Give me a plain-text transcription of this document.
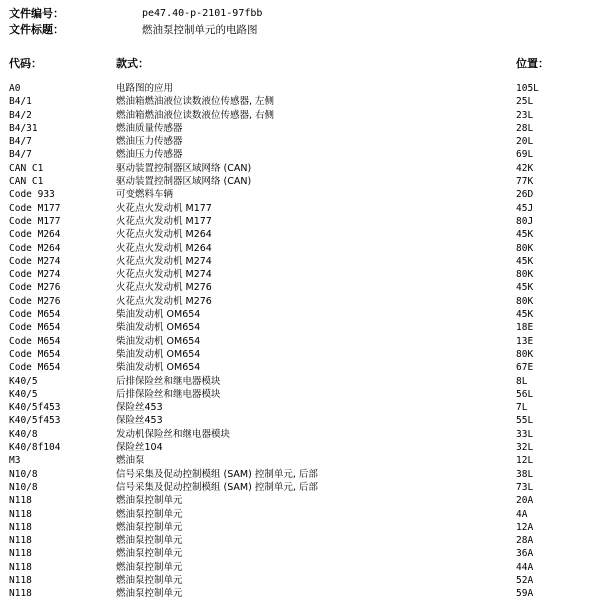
文件编号：	pe47.40-p-2101-97fbb
文件标题：	燃油泵控制单元的电路图
代码：	款式：	位置：
A0	电路图的应用	105L
B4/1	燃油箱燃油液位读数液位传感器, 左侧	25L
B4/2	燃油箱燃油液位读数液位传感器, 右侧	23L
B4/31	燃油质量传感器	28L
B4/7	燃油压力传感器	20L
B4/7	燃油压力传感器	69L
CAN C1	驱动装置控制器区域网络 (CAN)	42K
CAN C1	驱动装置控制器区域网络 (CAN)	77K
Code 933	可变燃料车辆	26D
Code M177	火花点火发动机 M177	45J
Code M177	火花点火发动机 M177	80J
Code M264	火花点火发动机 M264	45K
Code M264	火花点火发动机 M264	80K
Code M274	火花点火发动机 M274	45K
Code M274	火花点火发动机 M274	80K
Code M276	火花点火发动机 M276	45K
Code M276	火花点火发动机 M276	80K
Code M654	柴油发动机 OM654	45K
Code M654	柴油发动机 OM654	18E
Code M654	柴油发动机 OM654	13E
Code M654	柴油发动机 OM654	80K
Code M654	柴油发动机 OM654	67E
K40/5	后排保险丝和继电器模块	8L
K40/5	后排保险丝和继电器模块	56L
K40/5f453	保险丝453	7L
K40/5f453	保险丝453	55L
K40/8	发动机保险丝和继电器模块	33L
K40/8f104	保险丝104	32L
M3	燃油泵	12L
N10/8	信号采集及促动控制模组 (SAM) 控制单元, 后部	38L
N10/8	信号采集及促动控制模组 (SAM) 控制单元, 后部	73L
N118	燃油泵控制单元	20A
N118	燃油泵控制单元	4A
N118	燃油泵控制单元	12A
N118	燃油泵控制单元	28A
N118	燃油泵控制单元	36A
N118	燃油泵控制单元	44A
N118	燃油泵控制单元	52A
N118	燃油泵控制单元	59A
